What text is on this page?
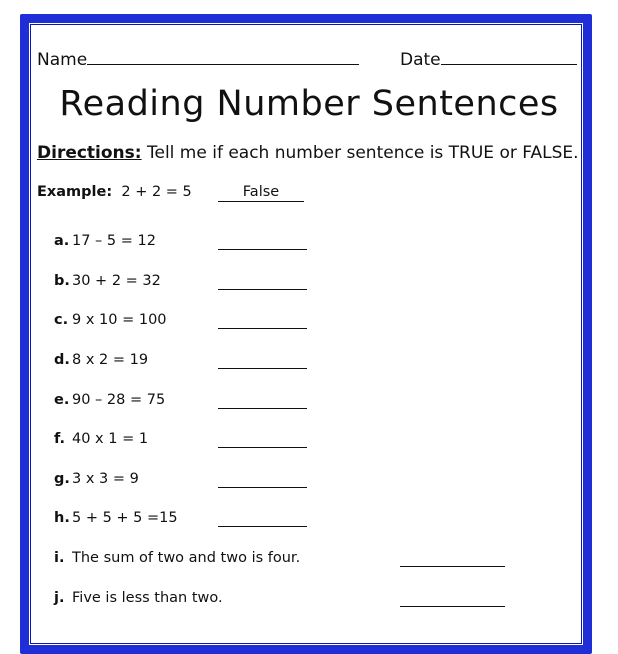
Name	Date
Reading Number Sentences
Directions: Tell me if each number sentence is TRUE or FALSE.
Example: 2 + 2 = 5	False
a. 17 – 5 = 12
b. 30 + 2 = 32
c. 9 x 10 = 100
d. 8 x 2 = 19
e. 90 – 28 = 75
f. 40 x 1 = 1
g. 3 x 3 = 9
h. 5 + 5 + 5 =15
i. The sum of two and two is four.
j. Five is less than two.
